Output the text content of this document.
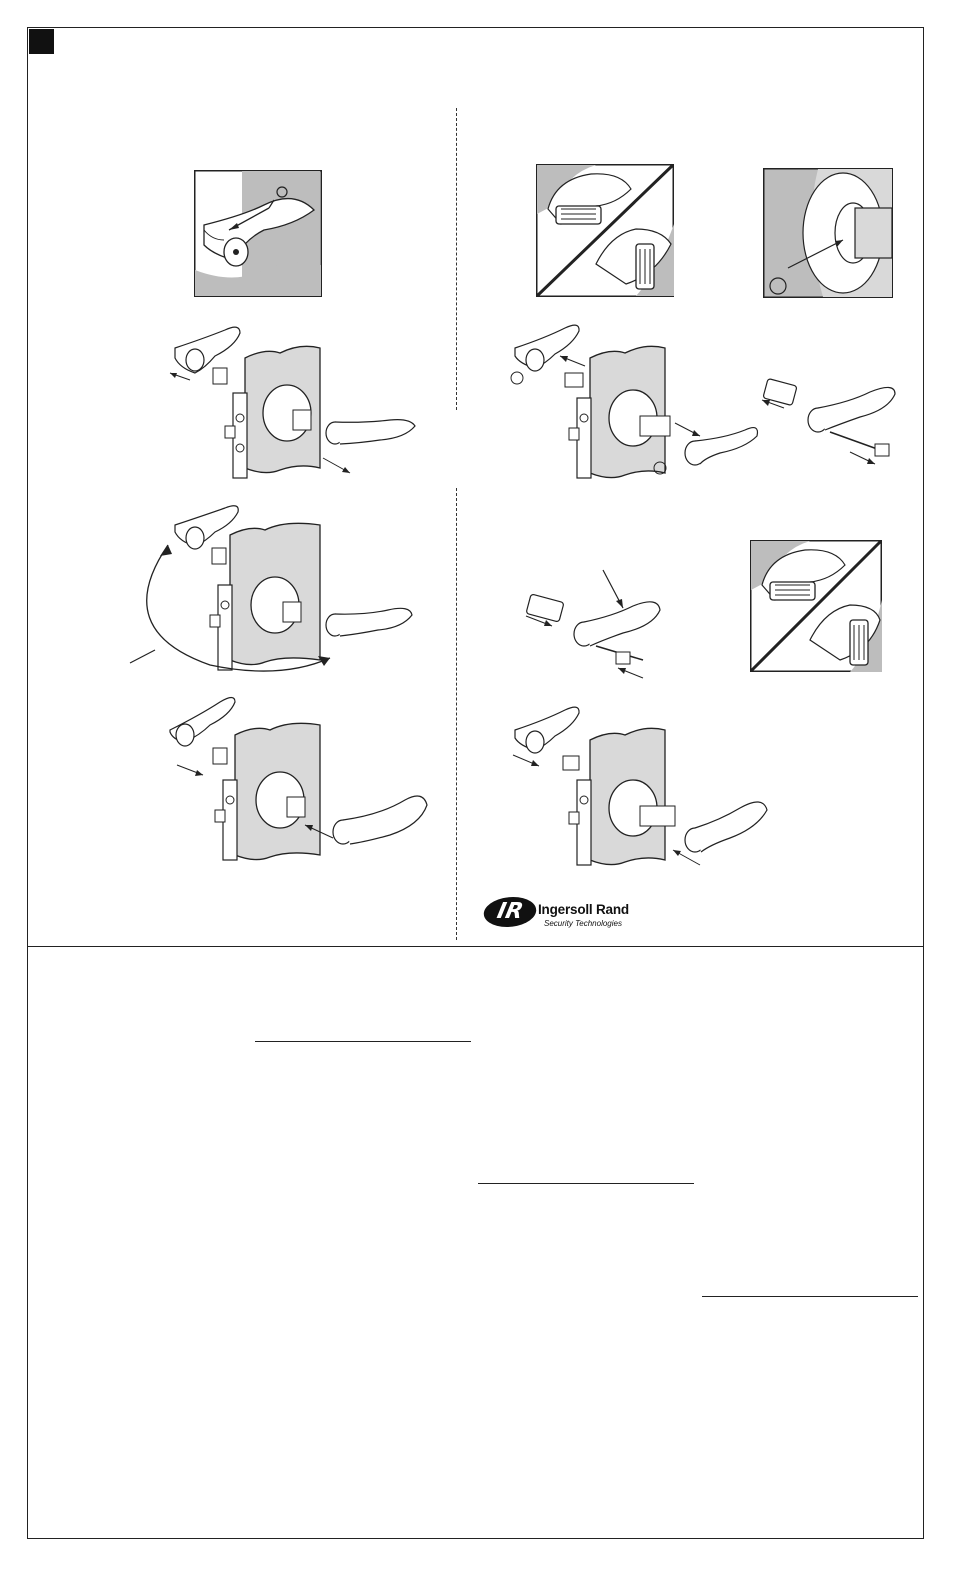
IR Ingersoll Rand
Security Technologies
